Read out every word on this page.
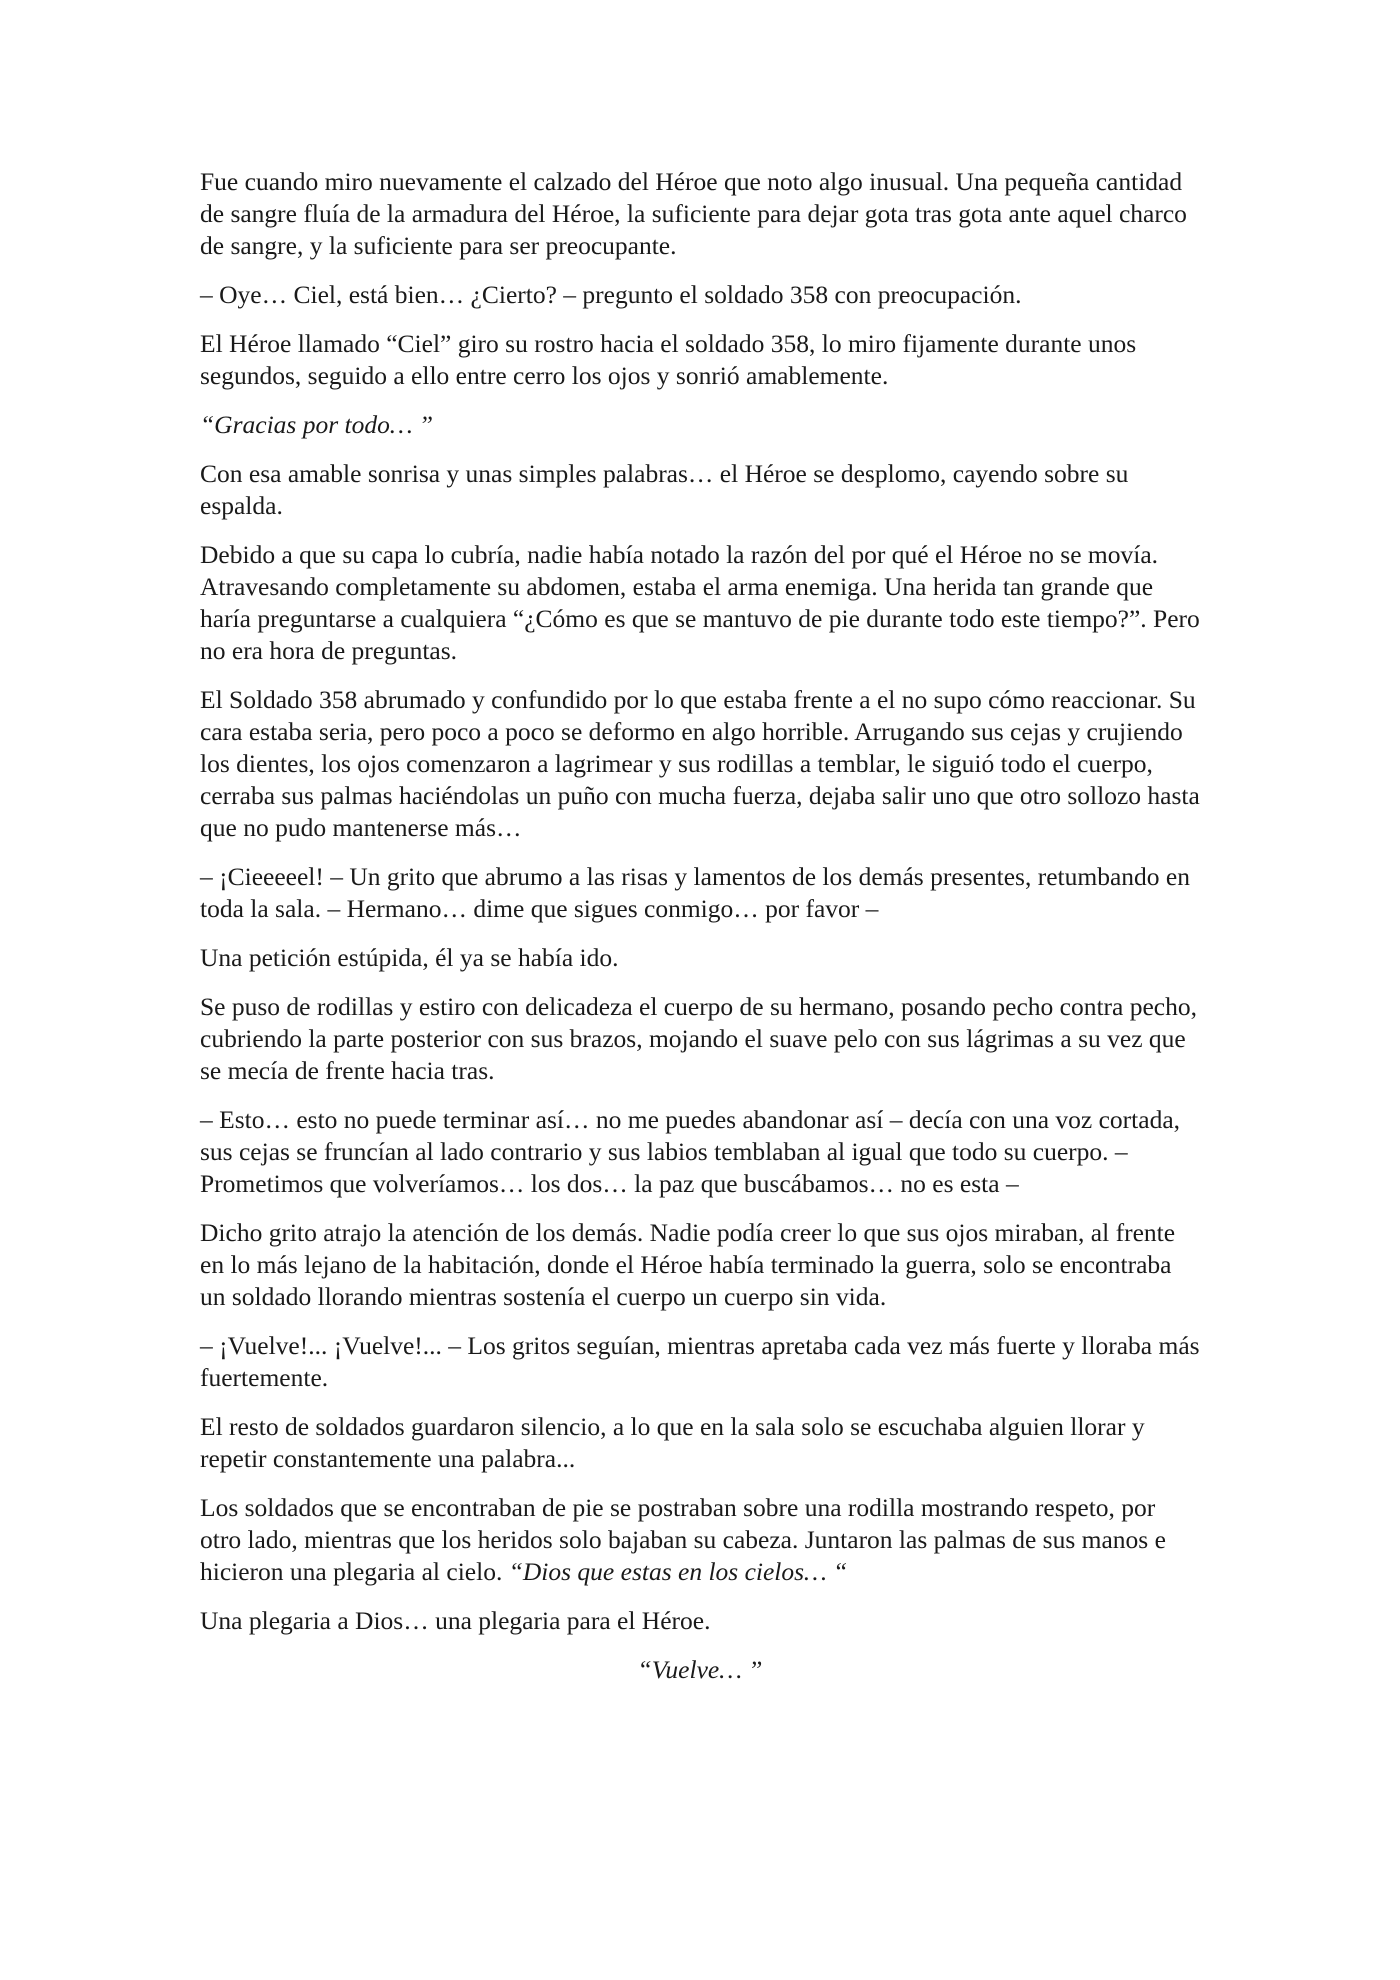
Fue cuando miro nuevamente el calzado del Héroe que noto algo inusual. Una pequeña cantidad de sangre fluía de la armadura del Héroe, la suficiente para dejar gota tras gota ante aquel charco de sangre, y la suficiente para ser preocupante.

– Oye… Ciel, está bien… ¿Cierto? – pregunto el soldado 358 con preocupación.

El Héroe llamado “Ciel” giro su rostro hacia el soldado 358, lo miro fijamente durante unos segundos, seguido a ello entre cerro los ojos y sonrió amablemente.

“Gracias por todo… ”

Con esa amable sonrisa y unas simples palabras… el Héroe se desplomo, cayendo sobre su espalda.

Debido a que su capa lo cubría, nadie había notado la razón del por qué el Héroe no se movía. Atravesando completamente su abdomen, estaba el arma enemiga. Una herida tan grande que haría preguntarse a cualquiera “¿Cómo es que se mantuvo de pie durante todo este tiempo?”. Pero no era hora de preguntas.

El Soldado 358 abrumado y confundido por lo que estaba frente a el no supo cómo reaccionar. Su cara estaba seria, pero poco a poco se deformo en algo horrible. Arrugando sus cejas y crujiendo los dientes, los ojos comenzaron a lagrimear y sus rodillas a temblar, le siguió todo el cuerpo, cerraba sus palmas haciéndolas un puño con mucha fuerza, dejaba salir uno que otro sollozo hasta que no pudo mantenerse más…

– ¡Cieeeeel! – Un grito que abrumo a las risas y lamentos de los demás presentes, retumbando en toda la sala. – Hermano… dime que sigues conmigo… por favor –

Una petición estúpida, él ya se había ido.

Se puso de rodillas y estiro con delicadeza el cuerpo de su hermano, posando pecho contra pecho, cubriendo la parte posterior con sus brazos, mojando el suave pelo con sus lágrimas a su vez que se mecía de frente hacia tras.

– Esto… esto no puede terminar así… no me puedes abandonar así – decía con una voz cortada, sus cejas se fruncían al lado contrario y sus labios temblaban al igual que todo su cuerpo. – Prometimos que volveríamos… los dos… la paz que buscábamos… no es esta –

Dicho grito atrajo la atención de los demás. Nadie podía creer lo que sus ojos miraban, al frente en lo más lejano de la habitación, donde el Héroe había terminado la guerra, solo se encontraba un soldado llorando mientras sostenía el cuerpo un cuerpo sin vida.

– ¡Vuelve!... ¡Vuelve!... – Los gritos seguían, mientras apretaba cada vez más fuerte y lloraba más fuertemente.

El resto de soldados guardaron silencio, a lo que en la sala solo se escuchaba alguien llorar y repetir constantemente una palabra...

Los soldados que se encontraban de pie se postraban sobre una rodilla mostrando respeto, por otro lado, mientras que los heridos solo bajaban su cabeza. Juntaron las palmas de sus manos e hicieron una plegaria al cielo. “Dios que estas en los cielos… “

Una plegaria a Dios… una plegaria para el Héroe.

“Vuelve… ”
